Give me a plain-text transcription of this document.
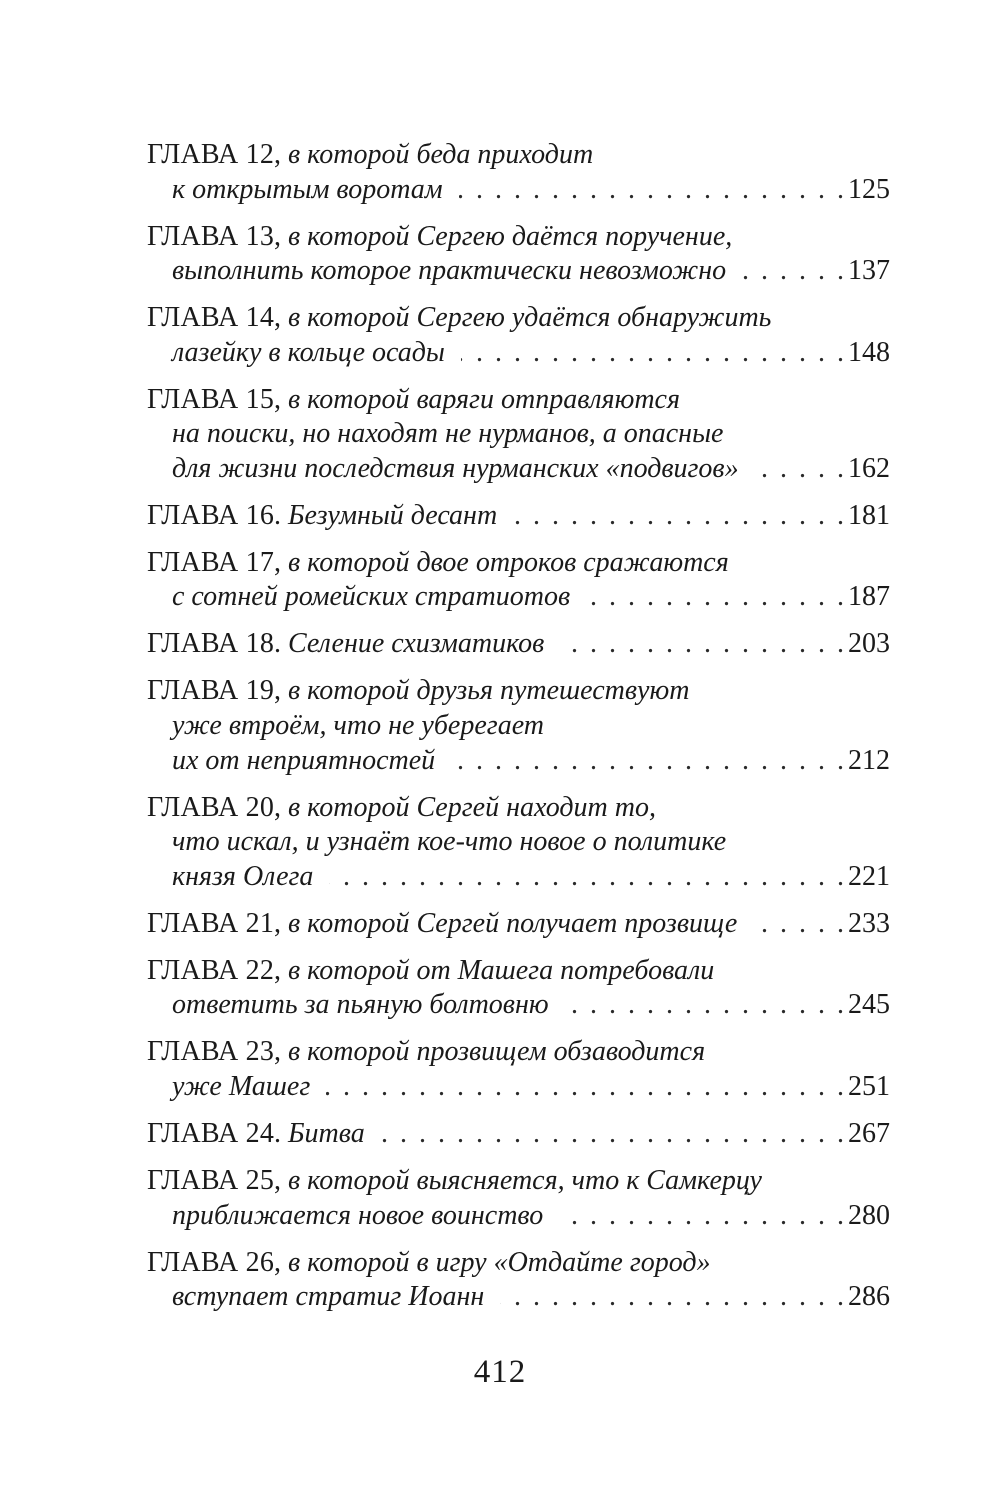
ГЛАВА 12 ,
в которой беда приходит
к открытым воротам . . .	125
ГЛАВА 13 ,
в которой Сергею даётся поручение,
выполнить которое практически невозможно . . .	137
ГЛАВА 14 ,
в которой Сергею удаётся обнаружить
лазейку в кольце осады . . .	148
ГЛАВА 15 ,
в которой варяги отправляются
на поиски, но находят не нурманов, а опасные
для жизни последствия нурманских «подвигов» . . .	162
ГЛАВА 16 .
Безумный десант . . .	181
ГЛАВА 17 ,
в которой двое отроков сражаются
с сотней ромейских стратиотов . . .	187
ГЛАВА 18 .
Селение схизматиков . . .	203
ГЛАВА 19 ,
в которой друзья путешествуют
уже втроём, что не уберегает
их от неприятностей . . .	212
ГЛАВА 20 ,
в которой Сергей находит то,
что искал, и узнаёт кое-что новое о политике
князя Олега . . .	221
ГЛАВА 21 ,
в которой Сергей получает прозвище . . .	233
ГЛАВА 22 ,
в которой от Машега потребовали
ответить за пьяную болтовню . . .	245
ГЛАВА 23 ,
в которой прозвищем обзаводится
уже Машег . . .	251
ГЛАВА 24 .
Битва . . .	267
ГЛАВА 25 ,
в которой выясняется, что к Самкерцу
приближается новое воинство . . .	280
ГЛАВА 26 ,
в которой в игру «Отдайте город»
вступает стратиг Иоанн . . .	286
412
